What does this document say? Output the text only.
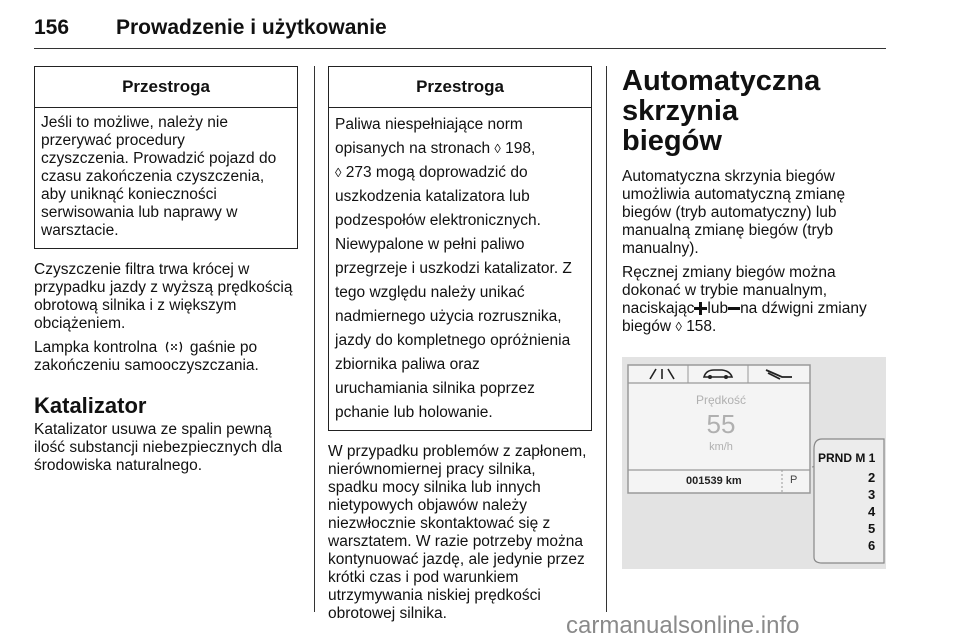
156 Prowadzenie i użytkowanie
Przestroga

Jeśli to możliwe, należy nie

przerywać procedury

czyszczenia. Prowadzić pojazd do

czasu zakończenia czyszczenia,

aby uniknąć konieczności

serwisowania lub naprawy w

warsztacie.

Czyszczenie filtra trwa krócej w

przypadku jazdy z wyższą prędkością

obrotową silnika i z większym

obciążeniem.

Lampka kontrolna gaśnie po

zakończeniu samooczyszczania.

Katalizator

Katalizator usuwa ze spalin pewną

ilość substancji niebezpiecznych dla

środowiska naturalnego.

Przestroga

Paliwa niespełniające norm

opisanych na stronach ◊ 198,

◊ 273 mogą doprowadzić do

uszkodzenia katalizatora lub

podzespołów elektronicznych.

Niewypalone w pełni paliwo

przegrzeje i uszkodzi katalizator. Z

tego względu należy unikać

nadmiernego użycia rozrusznika,

jazdy do kompletnego opróżnienia

zbiornika paliwa oraz

uruchamiania silnika poprzez

pchanie lub holowanie.

W przypadku problemów z zapłonem,

nierównomiernej pracy silnika,

spadku mocy silnika lub innych

nietypowych objawów należy

niezwłocznie skontaktować się z

warsztatem. W razie potrzeby można

kontynuować jazdę, ale jedynie przez

krótki czas i pod warunkiem

utrzymywania niskiej prędkości

obrotowej silnika.

Automatyczna skrzynia
biegów

Automatyczna skrzynia biegów

umożliwia automatyczną zmianę

biegów (tryb automatyczny) lub

manualną zmianę biegów (tryb

manualny).

Ręcznej zmiany biegów można

dokonać w trybie manualnym,

naciskając lub na dźwigni zmiany

biegów ◊ 158.

Prędkość
55
km/h
001539 km	P
PRND M 1
2
3
4
5
6
carmanualsonline.info
